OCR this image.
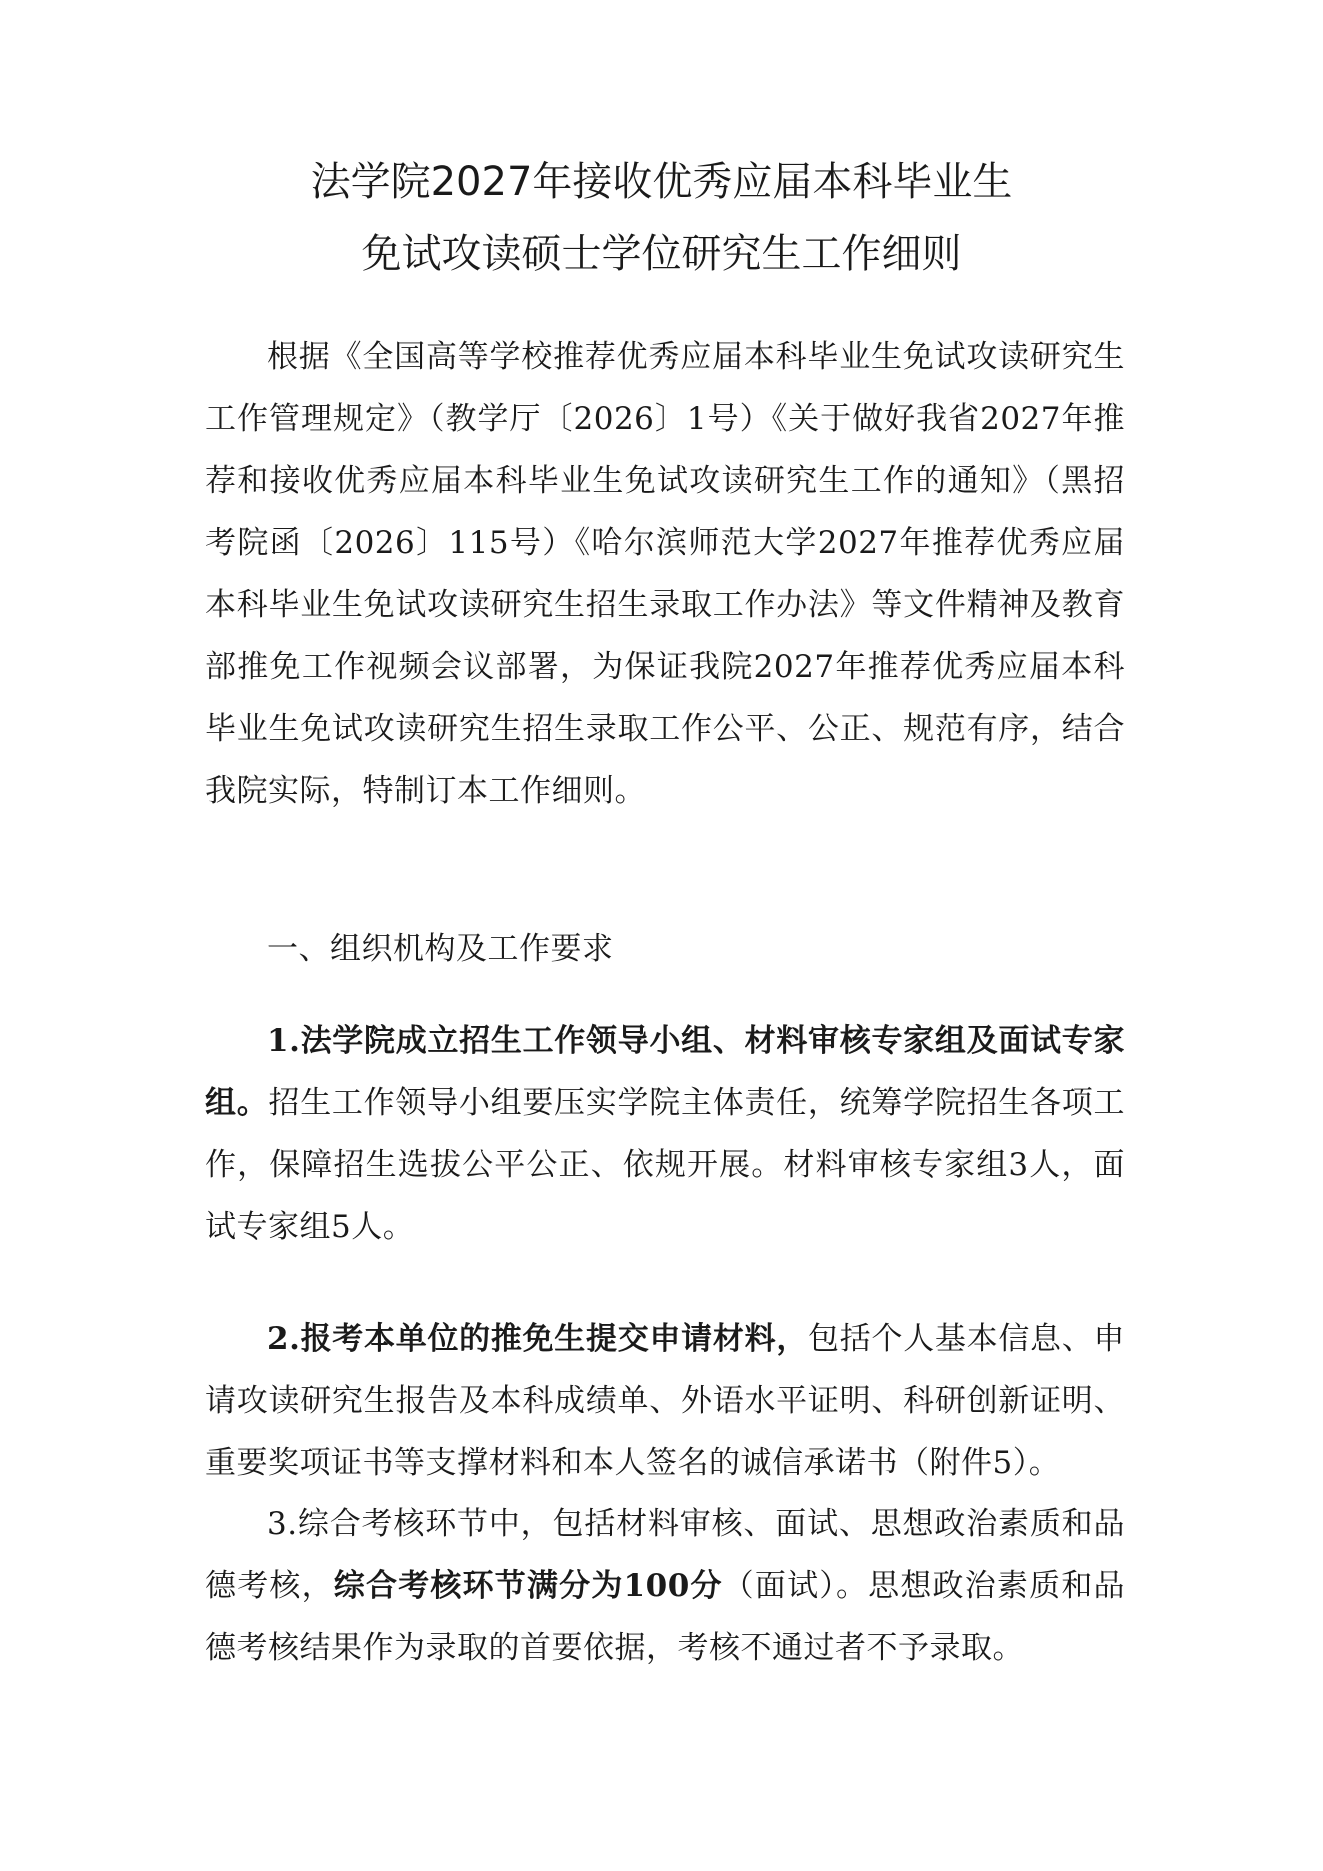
法学院2027年接收优秀应届本科毕业生
免试攻读硕士学位研究生工作细则

根据《全国高等学校推荐优秀应届本科毕业生免试攻读研究生工作管理规定》（教学厅〔2026〕1号）《关于做好我省2027年推荐和接收优秀应届本科毕业生免试攻读研究生工作的通知》（黑招考院函〔2026〕115号）《哈尔滨师范大学2027年推荐优秀应届本科毕业生免试攻读研究生招生录取工作办法》等文件精神及教育部推免工作视频会议部署，为保证我院2027年推荐优秀应届本科毕业生免试攻读研究生招生录取工作公平、公正、规范有序，结合我院实际，特制订本工作细则。

一、组织机构及工作要求

1.法学院成立招生工作领导小组、材料审核专家组及面试专家组。招生工作领导小组要压实学院主体责任，统筹学院招生各项工作，保障招生选拔公平公正、依规开展。材料审核专家组3人，面试专家组5人。

2.报考本单位的推免生提交申请材料，包括个人基本信息、申请攻读研究生报告及本科成绩单、外语水平证明、科研创新证明、重要奖项证书等支撑材料和本人签名的诚信承诺书（附件5）。

3.综合考核环节中，包括材料审核、面试、思想政治素质和品德考核，综合考核环节满分为100分（面试）。思想政治素质和品德考核结果作为录取的首要依据，考核不通过者不予录取。
